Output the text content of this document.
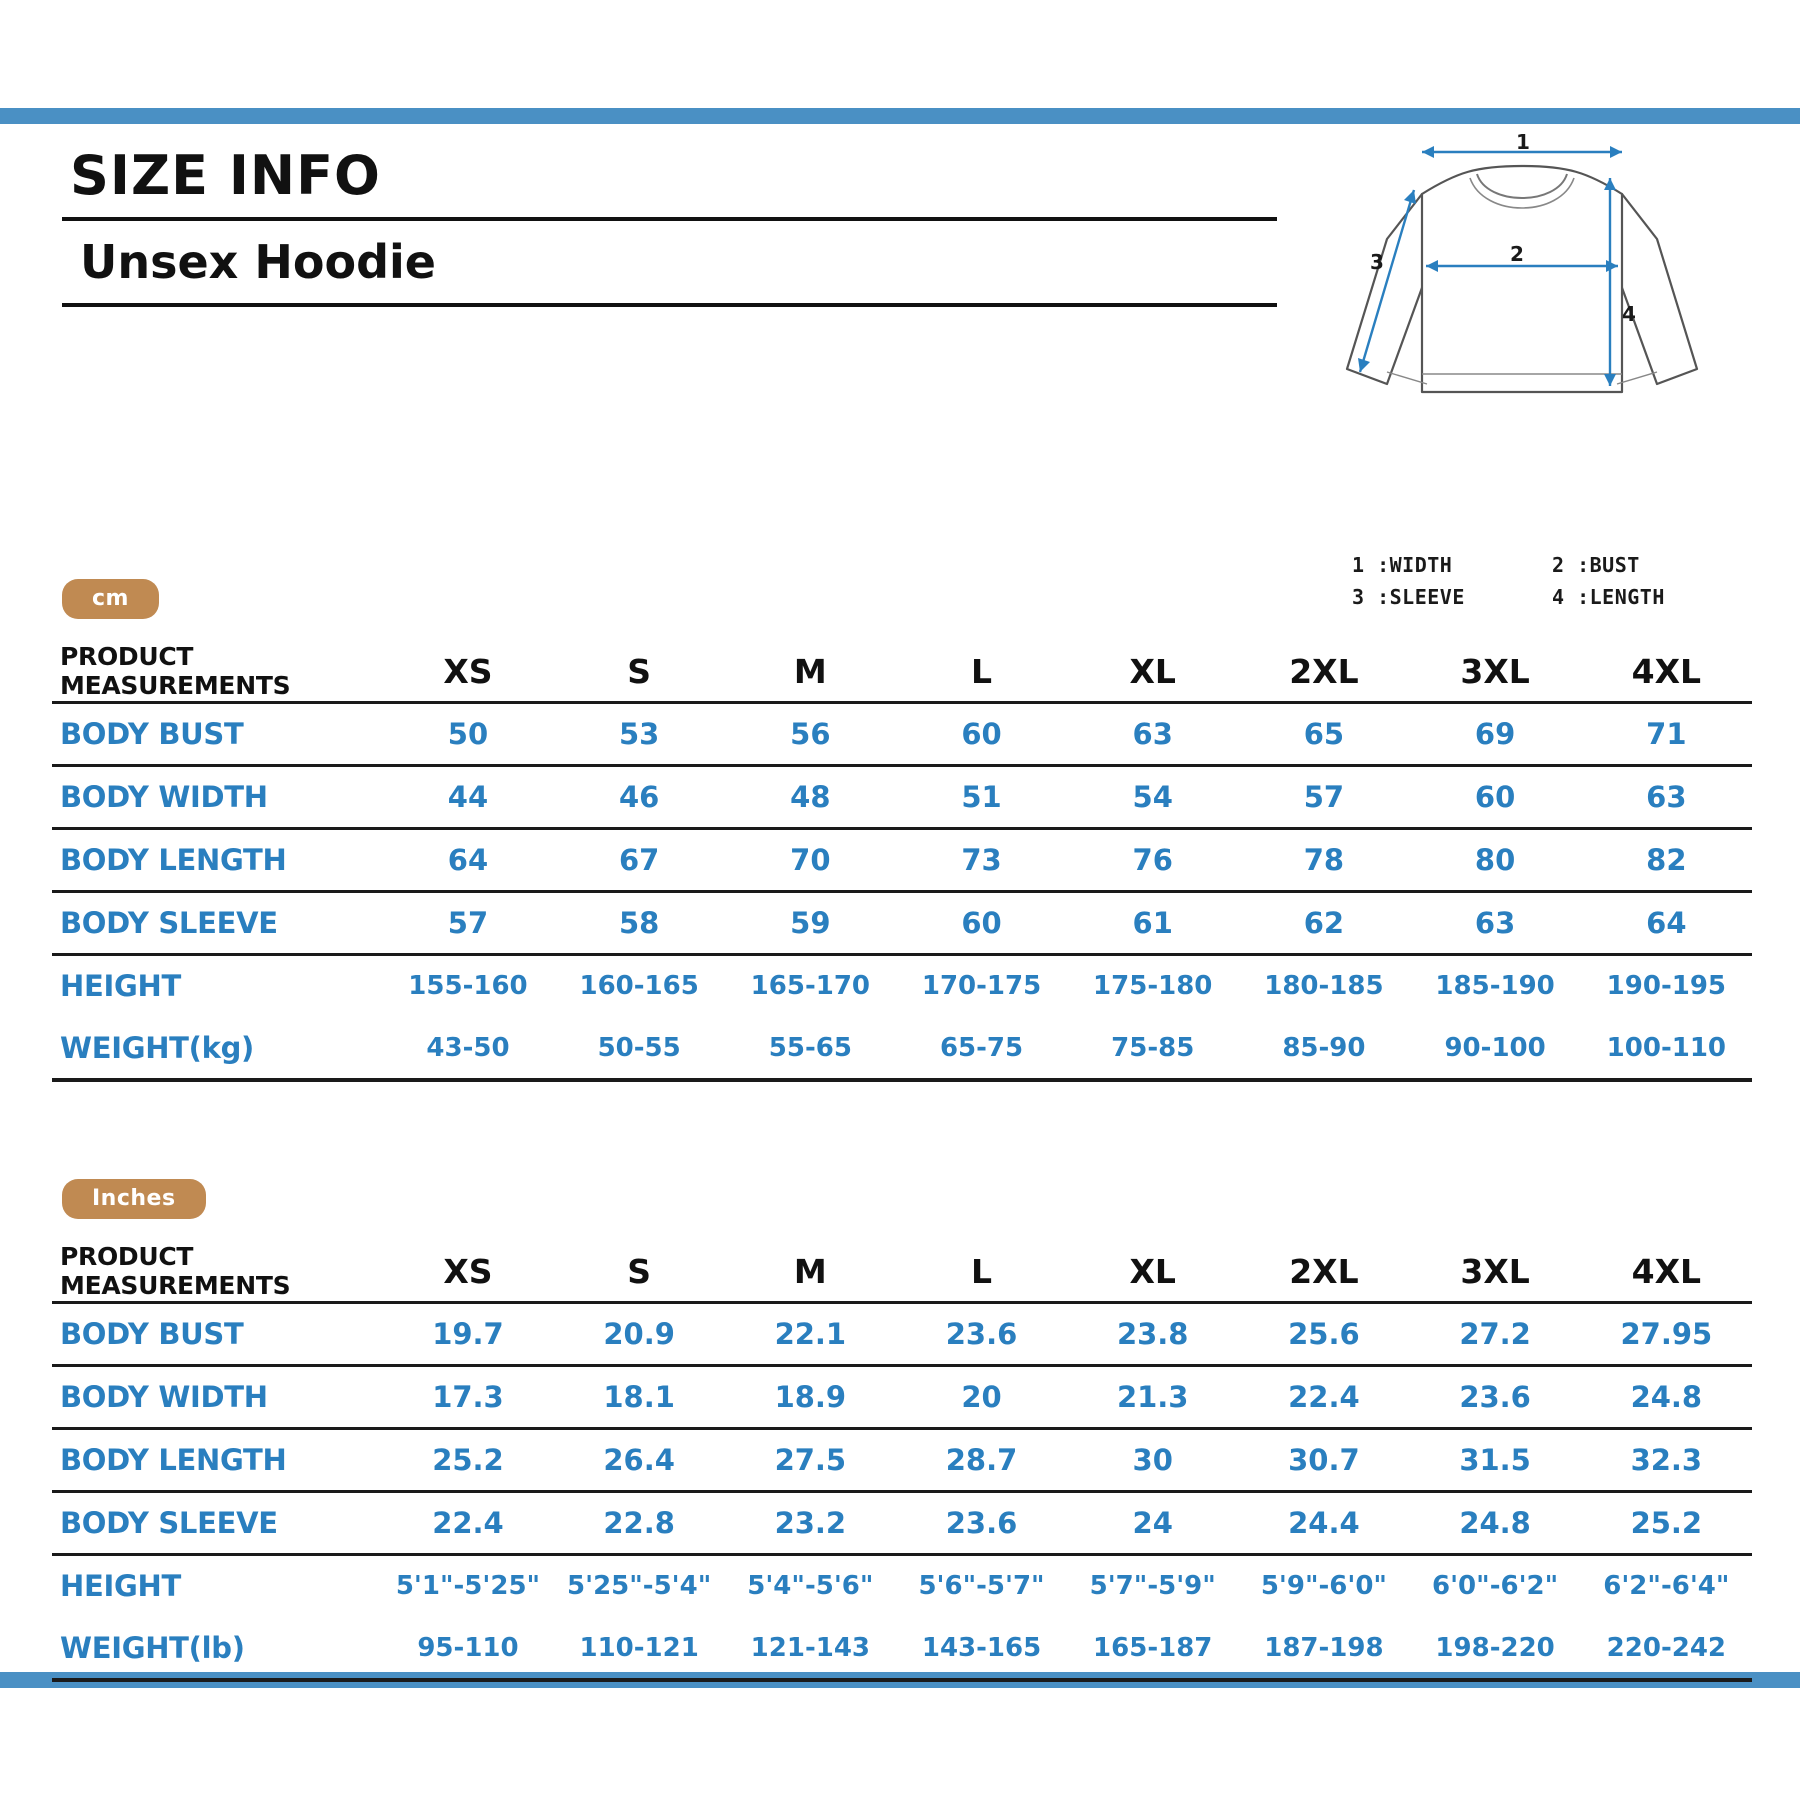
SIZE INFO
Unsex Hoodie
1
2
3
4
1 :WIDTH	2 :BUST
3 :SLEEVE	4 :LENGTH
cm
PRODUCT MEASUREMENTS	XS	S	M	L	XL	2XL	3XL	4XL
BODY BUST	50	53	56	60	63	65	69	71
BODY WIDTH	44	46	48	51	54	57	60	63
BODY LENGTH	64	67	70	73	76	78	80	82
BODY SLEEVE	57	58	59	60	61	62	63	64
HEIGHT	155-160	160-165	165-170	170-175	175-180	180-185	185-190	190-195
WEIGHT(kg)	43-50	50-55	55-65	65-75	75-85	85-90	90-100	100-110
Inches
PRODUCT MEASUREMENTS	XS	S	M	L	XL	2XL	3XL	4XL
BODY BUST	19.7	20.9	22.1	23.6	23.8	25.6	27.2	27.95
BODY WIDTH	17.3	18.1	18.9	20	21.3	22.4	23.6	24.8
BODY LENGTH	25.2	26.4	27.5	28.7	30	30.7	31.5	32.3
BODY SLEEVE	22.4	22.8	23.2	23.6	24	24.4	24.8	25.2
HEIGHT	5'1"-5'25"	5'25"-5'4"	5'4"-5'6"	5'6"-5'7"	5'7"-5'9"	5'9"-6'0"	6'0"-6'2"	6'2"-6'4"
WEIGHT(lb)	95-110	110-121	121-143	143-165	165-187	187-198	198-220	220-242
